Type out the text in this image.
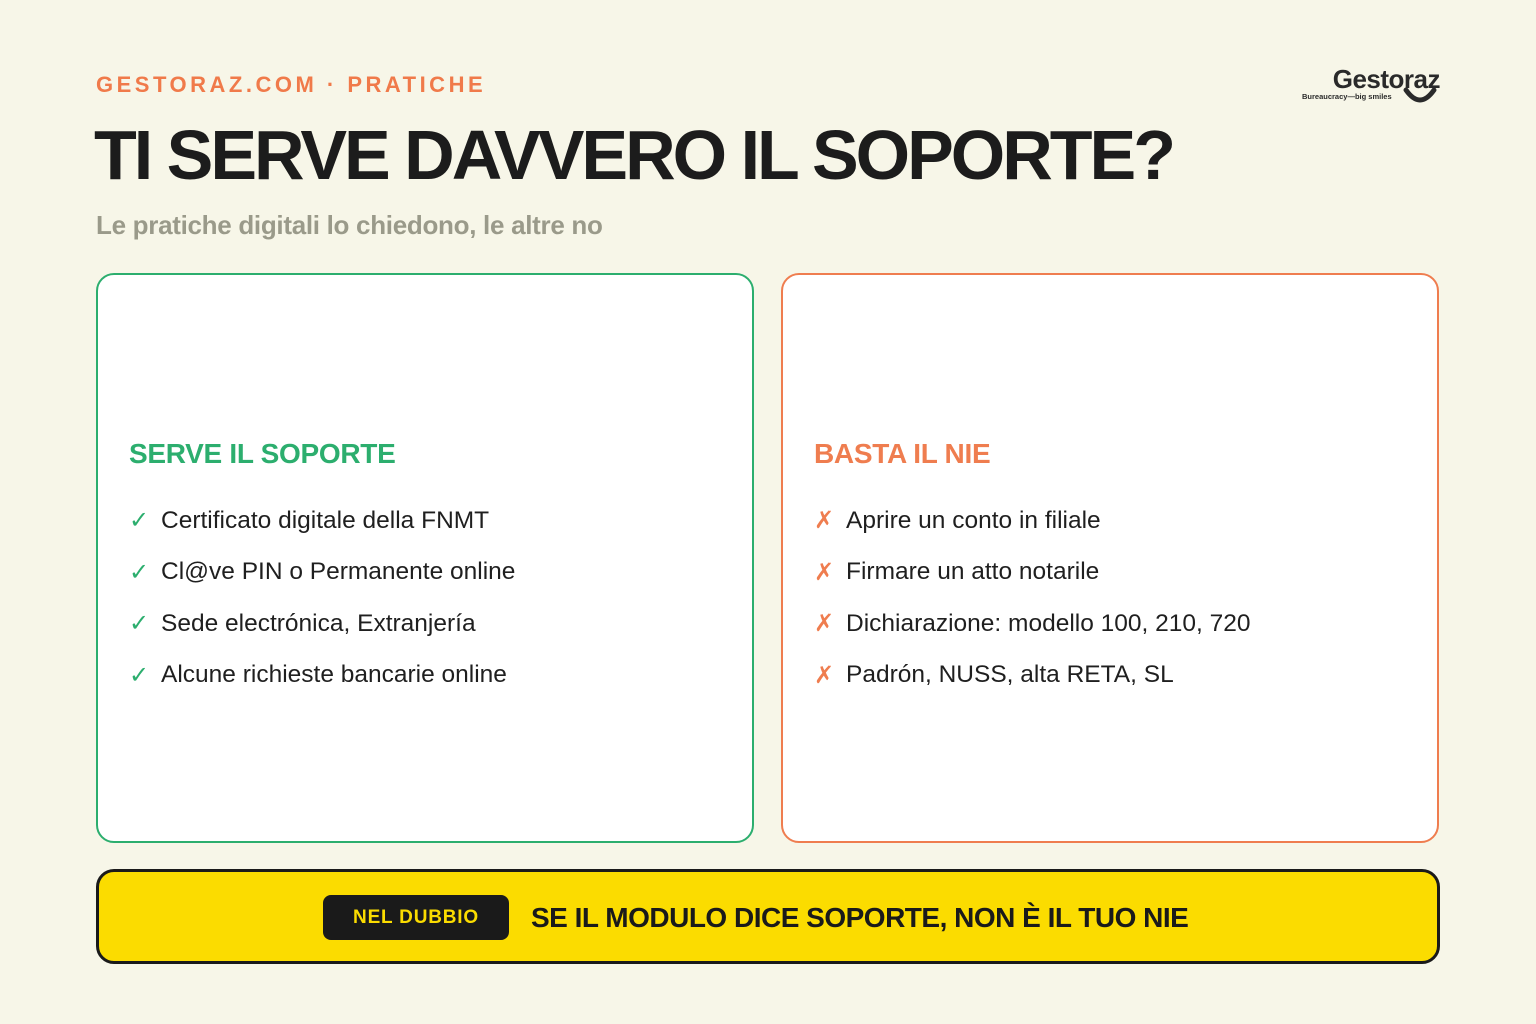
GESTORAZ.COM · PRATICHE	Gestoraz
Bureaucracy—big smiles
TI SERVE DAVVERO IL SOPORTE?
Le pratiche digitali lo chiedono, le altre no
SERVE IL SOPORTE
✓ Certificato digitale della FNMT
✓ Cl@ve PIN o Permanente online
✓ Sede electrónica, Extranjería
✓ Alcune richieste bancarie online
BASTA IL NIE
✗ Aprire un conto in filiale
✗ Firmare un atto notarile
✗ Dichiarazione: modello 100, 210, 720
✗ Padrón, NUSS, alta RETA, SL
NEL DUBBIO	SE IL MODULO DICE SOPORTE, NON È IL TUO NIE
